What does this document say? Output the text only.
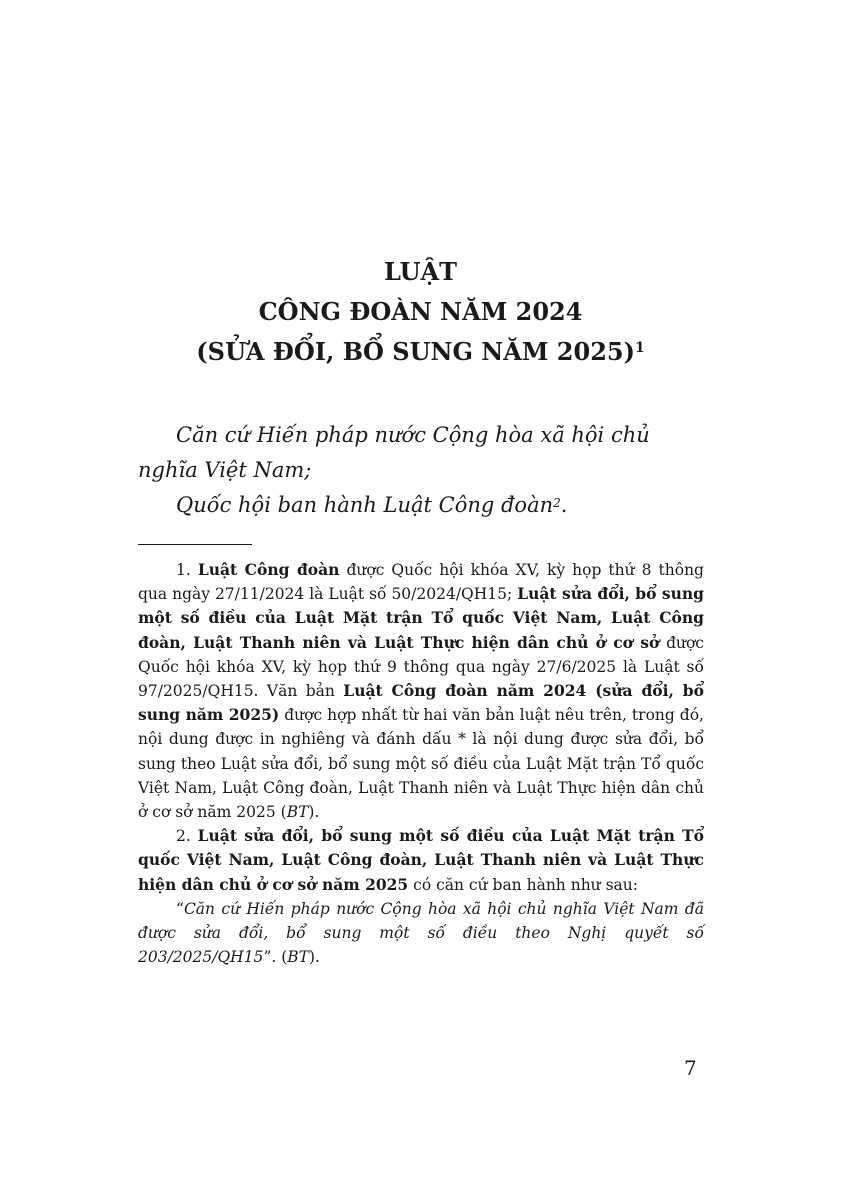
LUẬT
CÔNG ĐOÀN NĂM 2024
(SỬA ĐỔI, BỔ SUNG NĂM 2025)$^1$

Căn cứ Hiến pháp nước Cộng hòa xã hội chủ nghĩa Việt Nam;

Quốc hội ban hành Luật Công đoàn$^2$.

1. Luật Công đoàn được Quốc hội khóa XV, kỳ họp thứ 8 thông qua ngày 27/11/2024 là Luật số 50/2024/QH15; Luật sửa đổi, bổ sung một số điều của Luật Mặt trận Tổ quốc Việt Nam, Luật Công đoàn, Luật Thanh niên và Luật Thực hiện dân chủ ở cơ sở được Quốc hội khóa XV, kỳ họp thứ 9 thông qua ngày 27/6/2025 là Luật số 97/2025/QH15. Văn bản Luật Công đoàn năm 2024 (sửa đổi, bổ sung năm 2025) được hợp nhất từ hai văn bản luật nêu trên, trong đó, nội dung được in nghiêng và đánh dấu * là nội dung được sửa đổi, bổ sung theo Luật sửa đổi, bổ sung một số điều của Luật Mặt trận Tổ quốc Việt Nam, Luật Công đoàn, Luật Thanh niên và Luật Thực hiện dân chủ ở cơ sở năm 2025 (BT).

2. Luật sửa đổi, bổ sung một số điều của Luật Mặt trận Tổ quốc Việt Nam, Luật Công đoàn, Luật Thanh niên và Luật Thực hiện dân chủ ở cơ sở năm 2025 có căn cứ ban hành như sau:

“Căn cứ Hiến pháp nước Cộng hòa xã hội chủ nghĩa Việt Nam đã được sửa đổi, bổ sung một số điều theo Nghị quyết số 203/2025/QH15”. (BT).

7
